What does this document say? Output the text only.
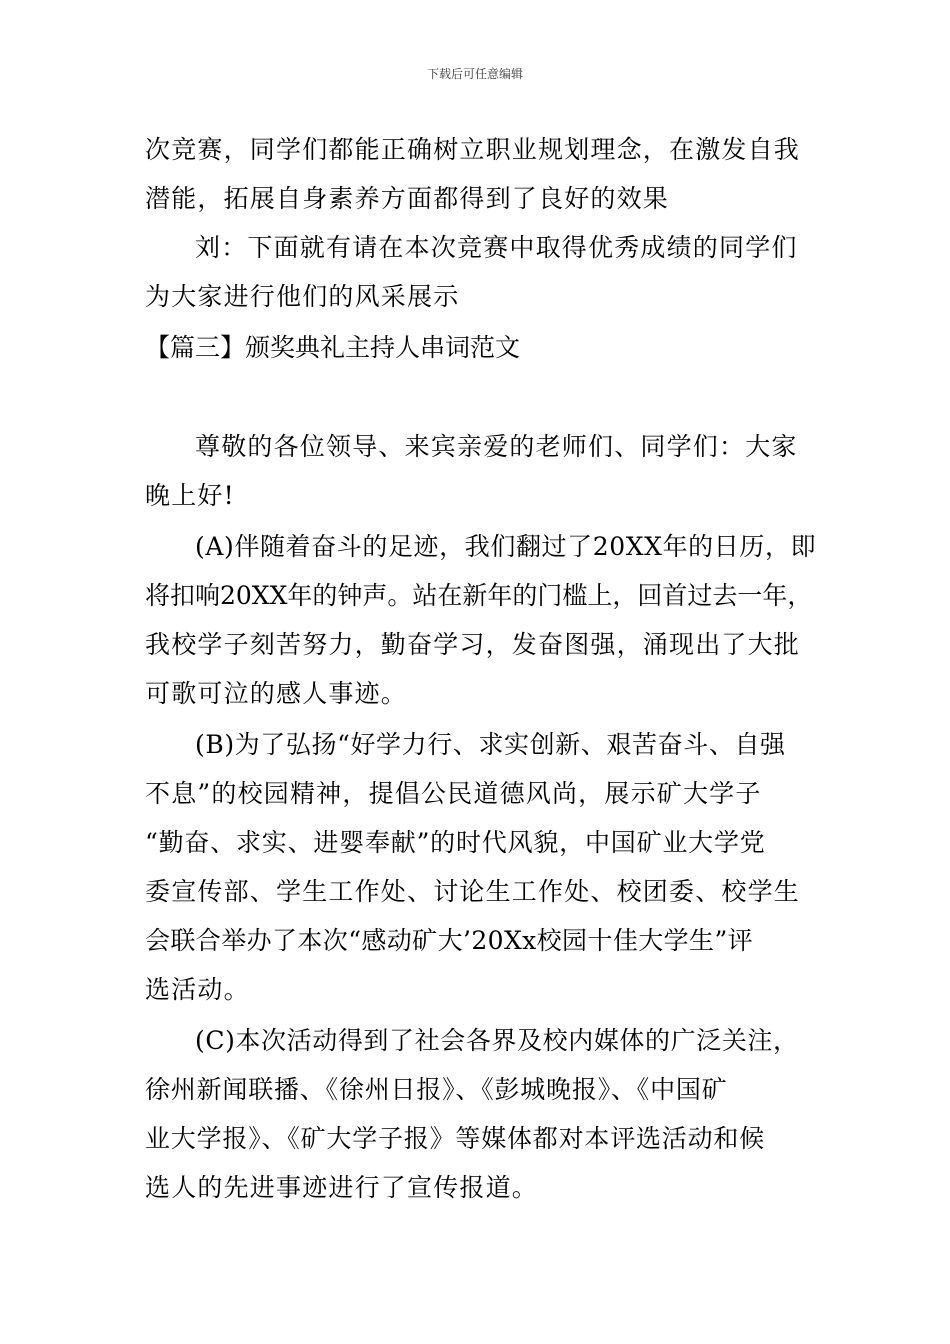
下载后可任意编辑
次竞赛，同学们都能正确树立职业规划理念，在激发自我
潜能，拓展自身素养方面都得到了良好的效果
刘：下面就有请在本次竞赛中取得优秀成绩的同学们
为大家进行他们的风采展示
【篇三】颁奖典礼主持人串词范文
尊敬的各位领导、来宾亲爱的老师们、同学们：大家
晚上好!
(A)伴随着奋斗的足迹，我们翻过了20XX年的日历，即
将扣响20XX年的钟声。站在新年的门槛上，回首过去一年，
我校学子刻苦努力，勤奋学习，发奋图强，涌现出了大批
可歌可泣的感人事迹。
(B)为了弘扬“好学力行、求实创新、艰苦奋斗、自强
不息”的校园精神，提倡公民道德风尚，展示矿大学子
“勤奋、求实、进婴奉献”的时代风貌，中国矿业大学党
委宣传部、学生工作处、讨论生工作处、校团委、校学生
会联合举办了本次“感动矿大’20Xx校园十佳大学生”评
选活动。
(C)本次活动得到了社会各界及校内媒体的广泛关注，
徐州新闻联播、《徐州日报》、《彭城晚报》、《中国矿
业大学报》、《矿大学子报》等媒体都对本评选活动和候
选人的先进事迹进行了宣传报道。
